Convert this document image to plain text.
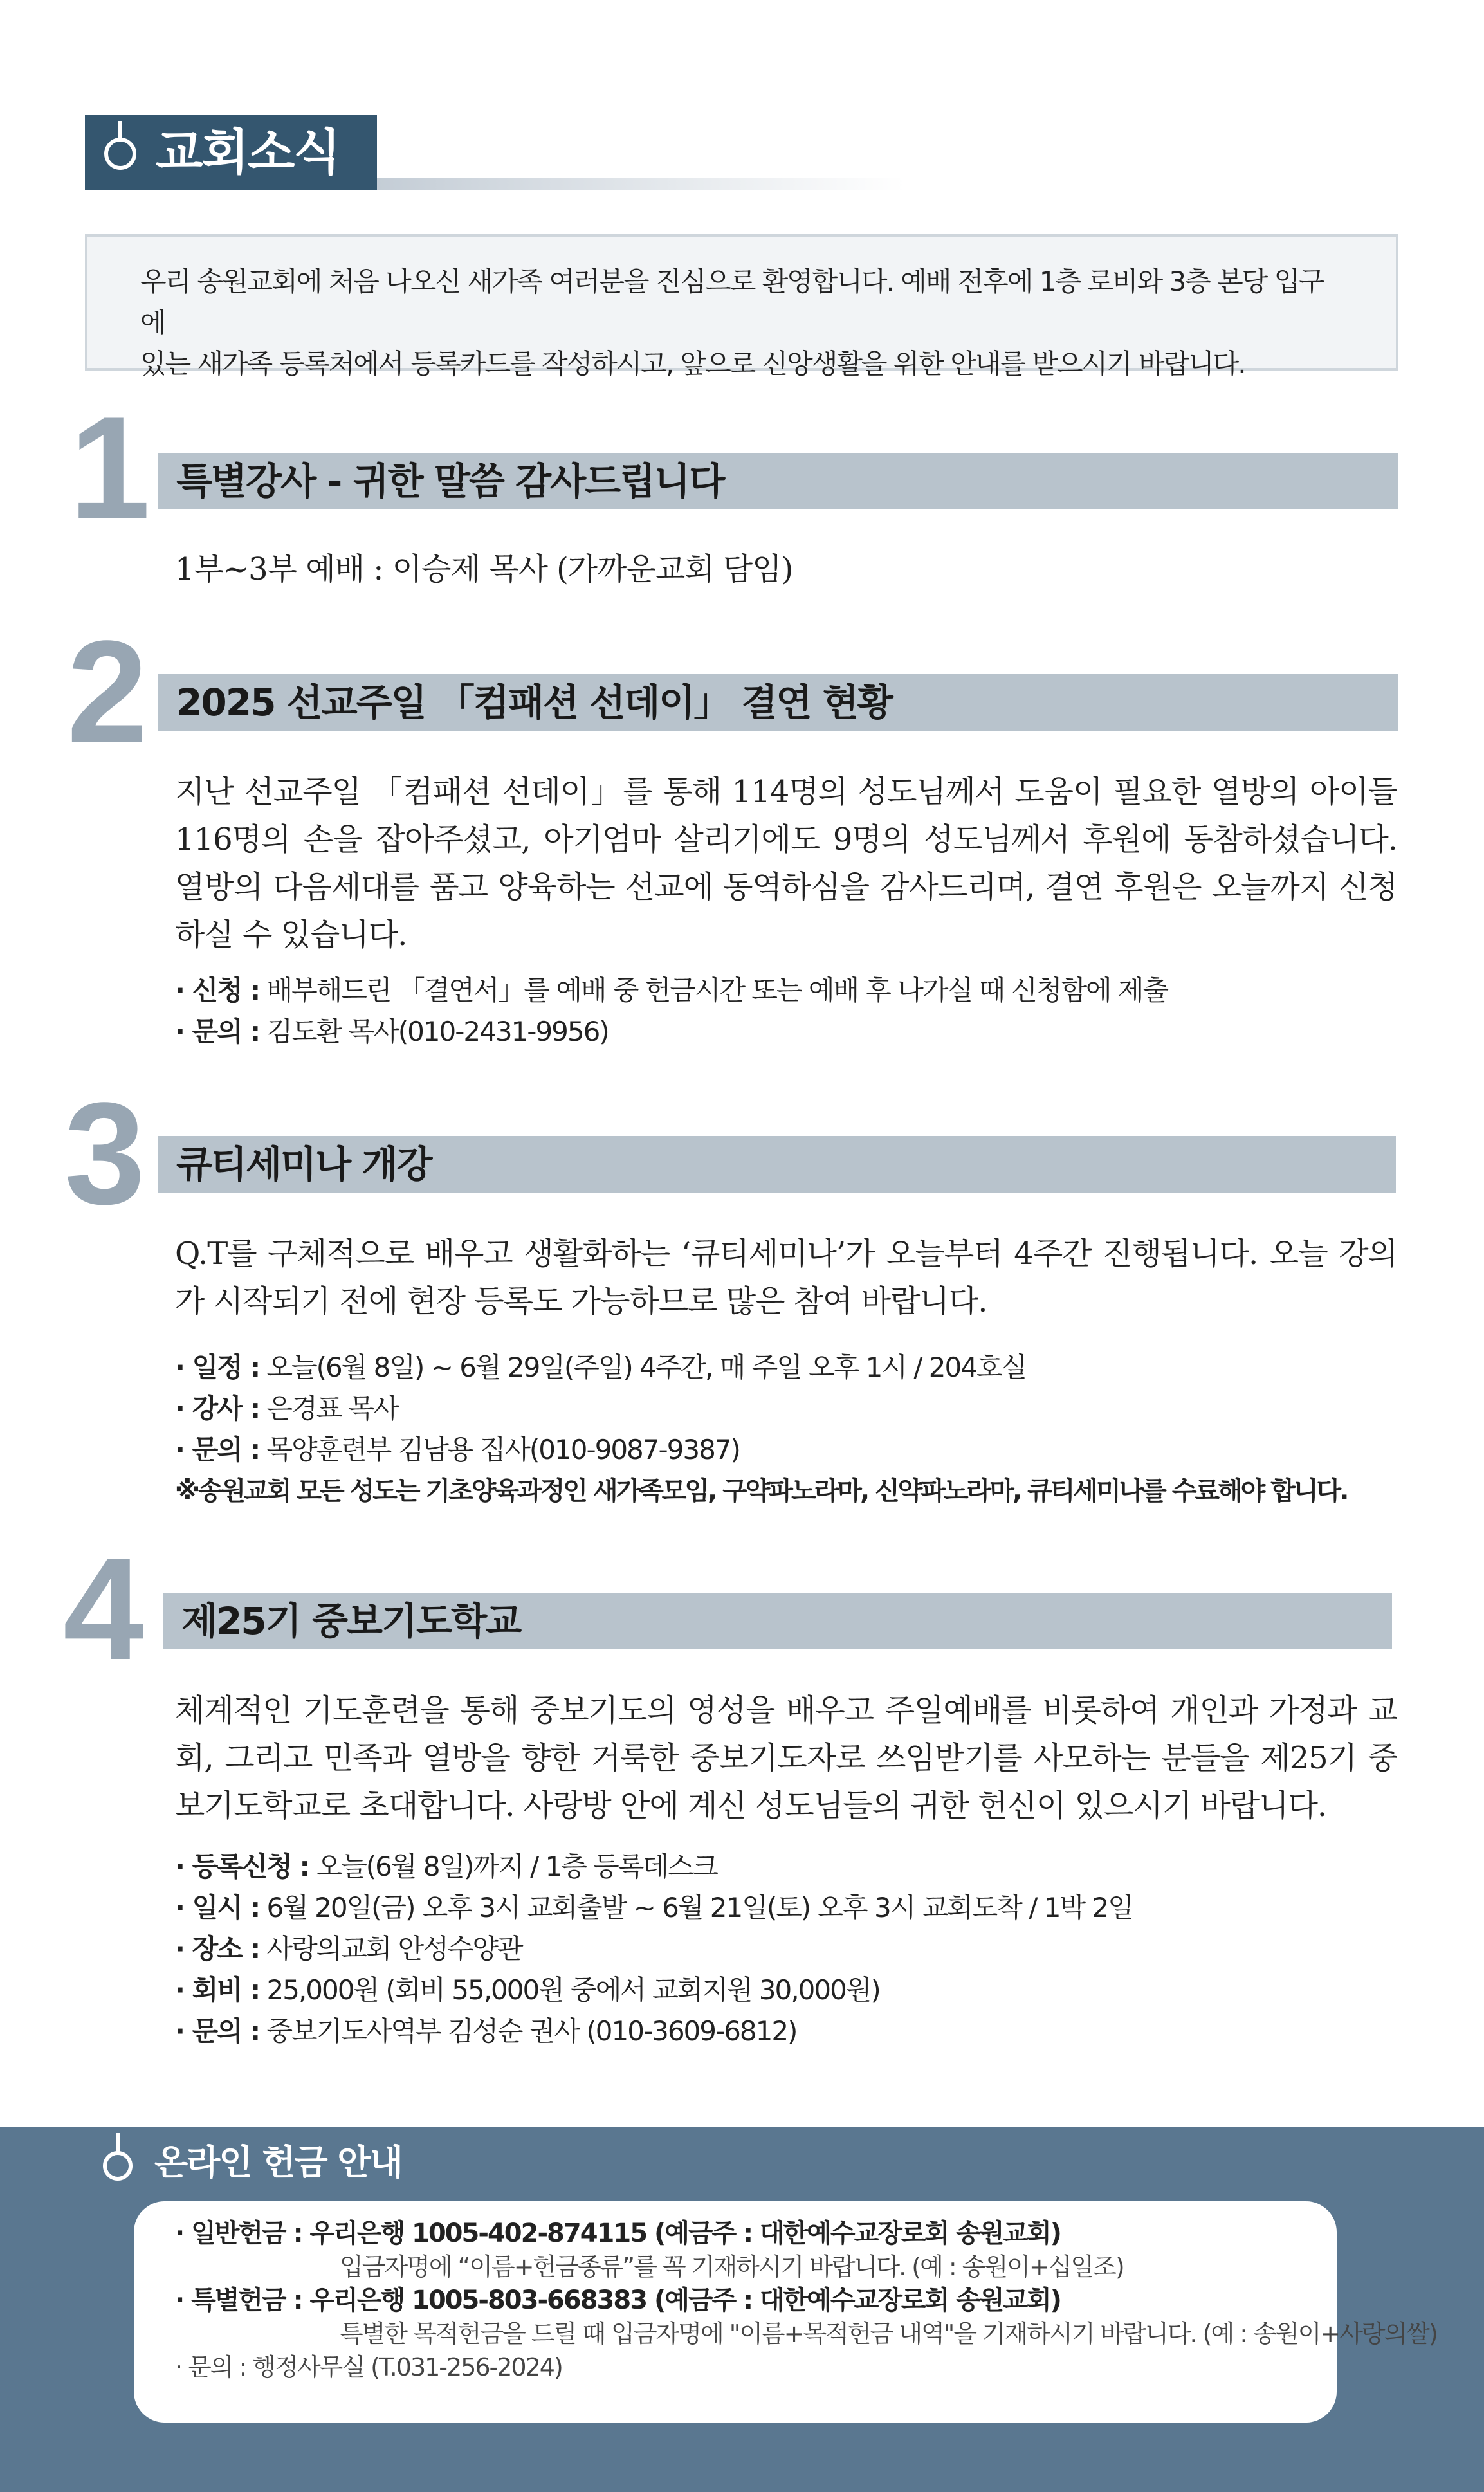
교회소식

우리 송원교회에 처음 나오신 새가족 여러분을 진심으로 환영합니다. 예배 전후에 1층 로비와 3층 본당 입구에

있는 새가족 등록처에서 등록카드를 작성하시고, 앞으로 신앙생활을 위한 안내를 받으시기 바랍니다.

1 특별강사 - 귀한 말씀 감사드립니다

1부~3부 예배 : 이승제 목사 (가까운교회 담임)

2 2025 선교주일 「컴패션 선데이」 결연 현황

지난 선교주일 「컴패션 선데이」를 통해 114명의 성도님께서 도움이 필요한 열방의 아이들 116명의 손을 잡아주셨고, 아기엄마 살리기에도 9명의 성도님께서 후원에 동참하셨습니다. 열방의 다음세대를 품고 양육하는 선교에 동역하심을 감사드리며, 결연 후원은 오늘까지 신청하실 수 있습니다.

· 신청 : 배부해드린 「결연서」를 예배 중 헌금시간 또는 예배 후 나가실 때 신청함에 제출
· 문의 : 김도환 목사(010-2431-9956)
3 큐티세미나 개강

Q.T를 구체적으로 배우고 생활화하는 ‘큐티세미나’가 오늘부터 4주간 진행됩니다. 오늘 강의가 시작되기 전에 현장 등록도 가능하므로 많은 참여 바랍니다.

· 일정 : 오늘(6월 8일) ~ 6월 29일(주일) 4주간, 매 주일 오후 1시 / 204호실
· 강사 : 은경표 목사
· 문의 : 목양훈련부 김남용 집사(010-9087-9387)
※송원교회 모든 성도는 기초양육과정인 새가족모임, 구약파노라마, 신약파노라마, 큐티세미나를 수료해야 합니다.
4	제25기 중보기도학교

체계적인 기도훈련을 통해 중보기도의 영성을 배우고 주일예배를 비롯하여 개인과 가정과 교회, 그리고 민족과 열방을 향한 거룩한 중보기도자로 쓰임받기를 사모하는 분들을 제25기 중보기도학교로 초대합니다. 사랑방 안에 계신 성도님들의 귀한 헌신이 있으시기 바랍니다.

· 등록신청 : 오늘(6월 8일)까지 / 1층 등록데스크
· 일시 : 6월 20일(금) 오후 3시 교회출발 ~ 6월 21일(토) 오후 3시 교회도착 / 1박 2일
· 장소 : 사랑의교회 안성수양관
· 회비 : 25,000원 (회비 55,000원 중에서 교회지원 30,000원)
· 문의 : 중보기도사역부 김성순 권사 (010-3609-6812)
온라인 헌금 안내
· 일반헌금 : 우리은행 1005-402-874115 (예금주 : 대한예수교장로회 송원교회)
입금자명에 “이름+헌금종류”를 꼭 기재하시기 바랍니다. (예 : 송원이+십일조)
· 특별헌금 : 우리은행 1005-803-668383 (예금주 : 대한예수교장로회 송원교회)
특별한 목적헌금을 드릴 때 입금자명에 "이름+목적헌금 내역"을 기재하시기 바랍니다. (예 : 송원이+사랑의쌀)
· 문의 : 행정사무실 (T.031-256-2024)
